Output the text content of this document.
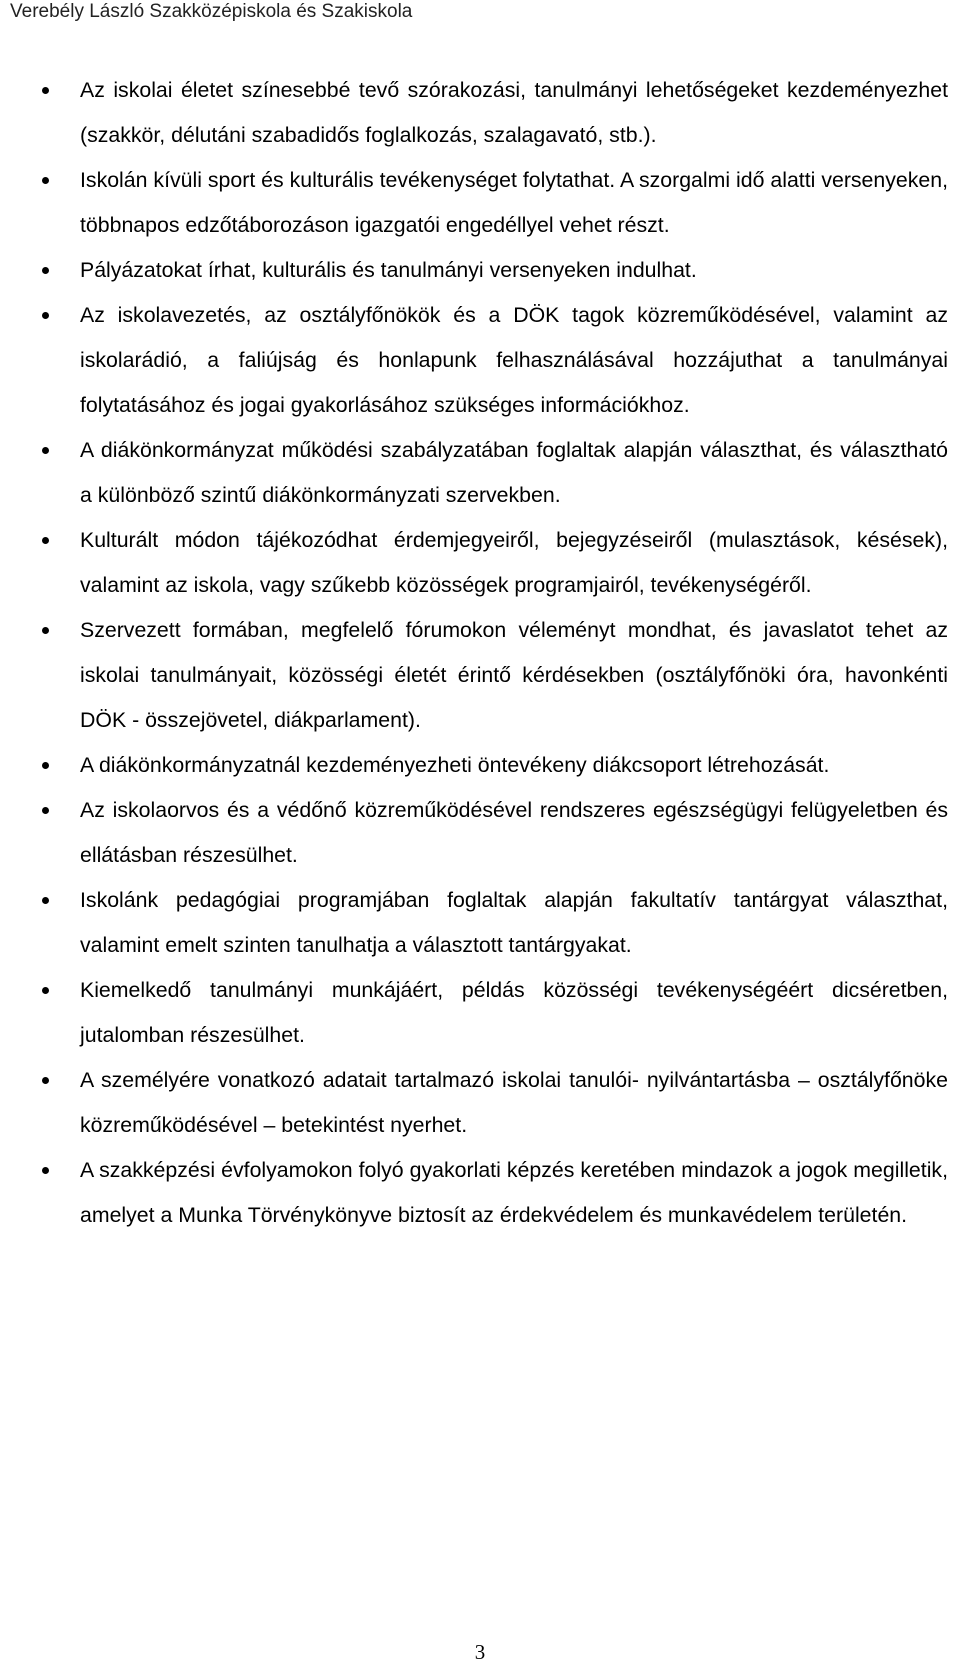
Verebély László Szakközépiskola és Szakiskola
Az iskolai életet színesebbé tevő szórakozási, tanulmányi lehetőségeket kezdeményezhet (szakkör, délutáni szabadidős foglalkozás, szalagavató, stb.).
Iskolán kívüli sport és kulturális tevékenységet folytathat. A szorgalmi idő alatti versenyeken, többnapos edzőtáborozáson igazgatói engedéllyel vehet részt.
Pályázatokat írhat, kulturális és tanulmányi versenyeken indulhat.
Az iskolavezetés, az osztályfőnökök és a DÖK tagok közreműködésével, valamint az iskolarádió, a faliújság és honlapunk felhasználásával hozzájuthat a tanulmányai folytatásához és jogai gyakorlásához szükséges információkhoz.
A diákönkormányzat működési szabályzatában foglaltak alapján választhat, és választható a különböző szintű diákönkormányzati szervekben.
Kulturált módon tájékozódhat érdemjegyeiről, bejegyzéseiről (mulasztások, késések), valamint az iskola, vagy szűkebb közösségek programjairól, tevékenységéről.
Szervezett formában, megfelelő fórumokon véleményt mondhat, és javaslatot tehet az iskolai tanulmányait, közösségi életét érintő kérdésekben (osztályfőnöki óra, havonkénti DÖK - összejövetel, diákparlament).
A diákönkormányzatnál kezdeményezheti öntevékeny diákcsoport létrehozását.
Az iskolaorvos és a védőnő közreműködésével rendszeres egészségügyi felügyeletben és ellátásban részesülhet.
Iskolánk pedagógiai programjában foglaltak alapján fakultatív tantárgyat választhat, valamint emelt szinten tanulhatja a választott tantárgyakat.
Kiemelkedő tanulmányi munkájáért, példás közösségi tevékenységéért dicséretben, jutalomban részesülhet.
A személyére vonatkozó adatait tartalmazó iskolai tanulói- nyilvántartásba – osztályfőnöke közreműködésével – betekintést nyerhet.
A szakképzési évfolyamokon folyó gyakorlati képzés keretében mindazok a jogok megilletik, amelyet a Munka Törvénykönyve biztosít az érdekvédelem és munkavédelem területén.
3
